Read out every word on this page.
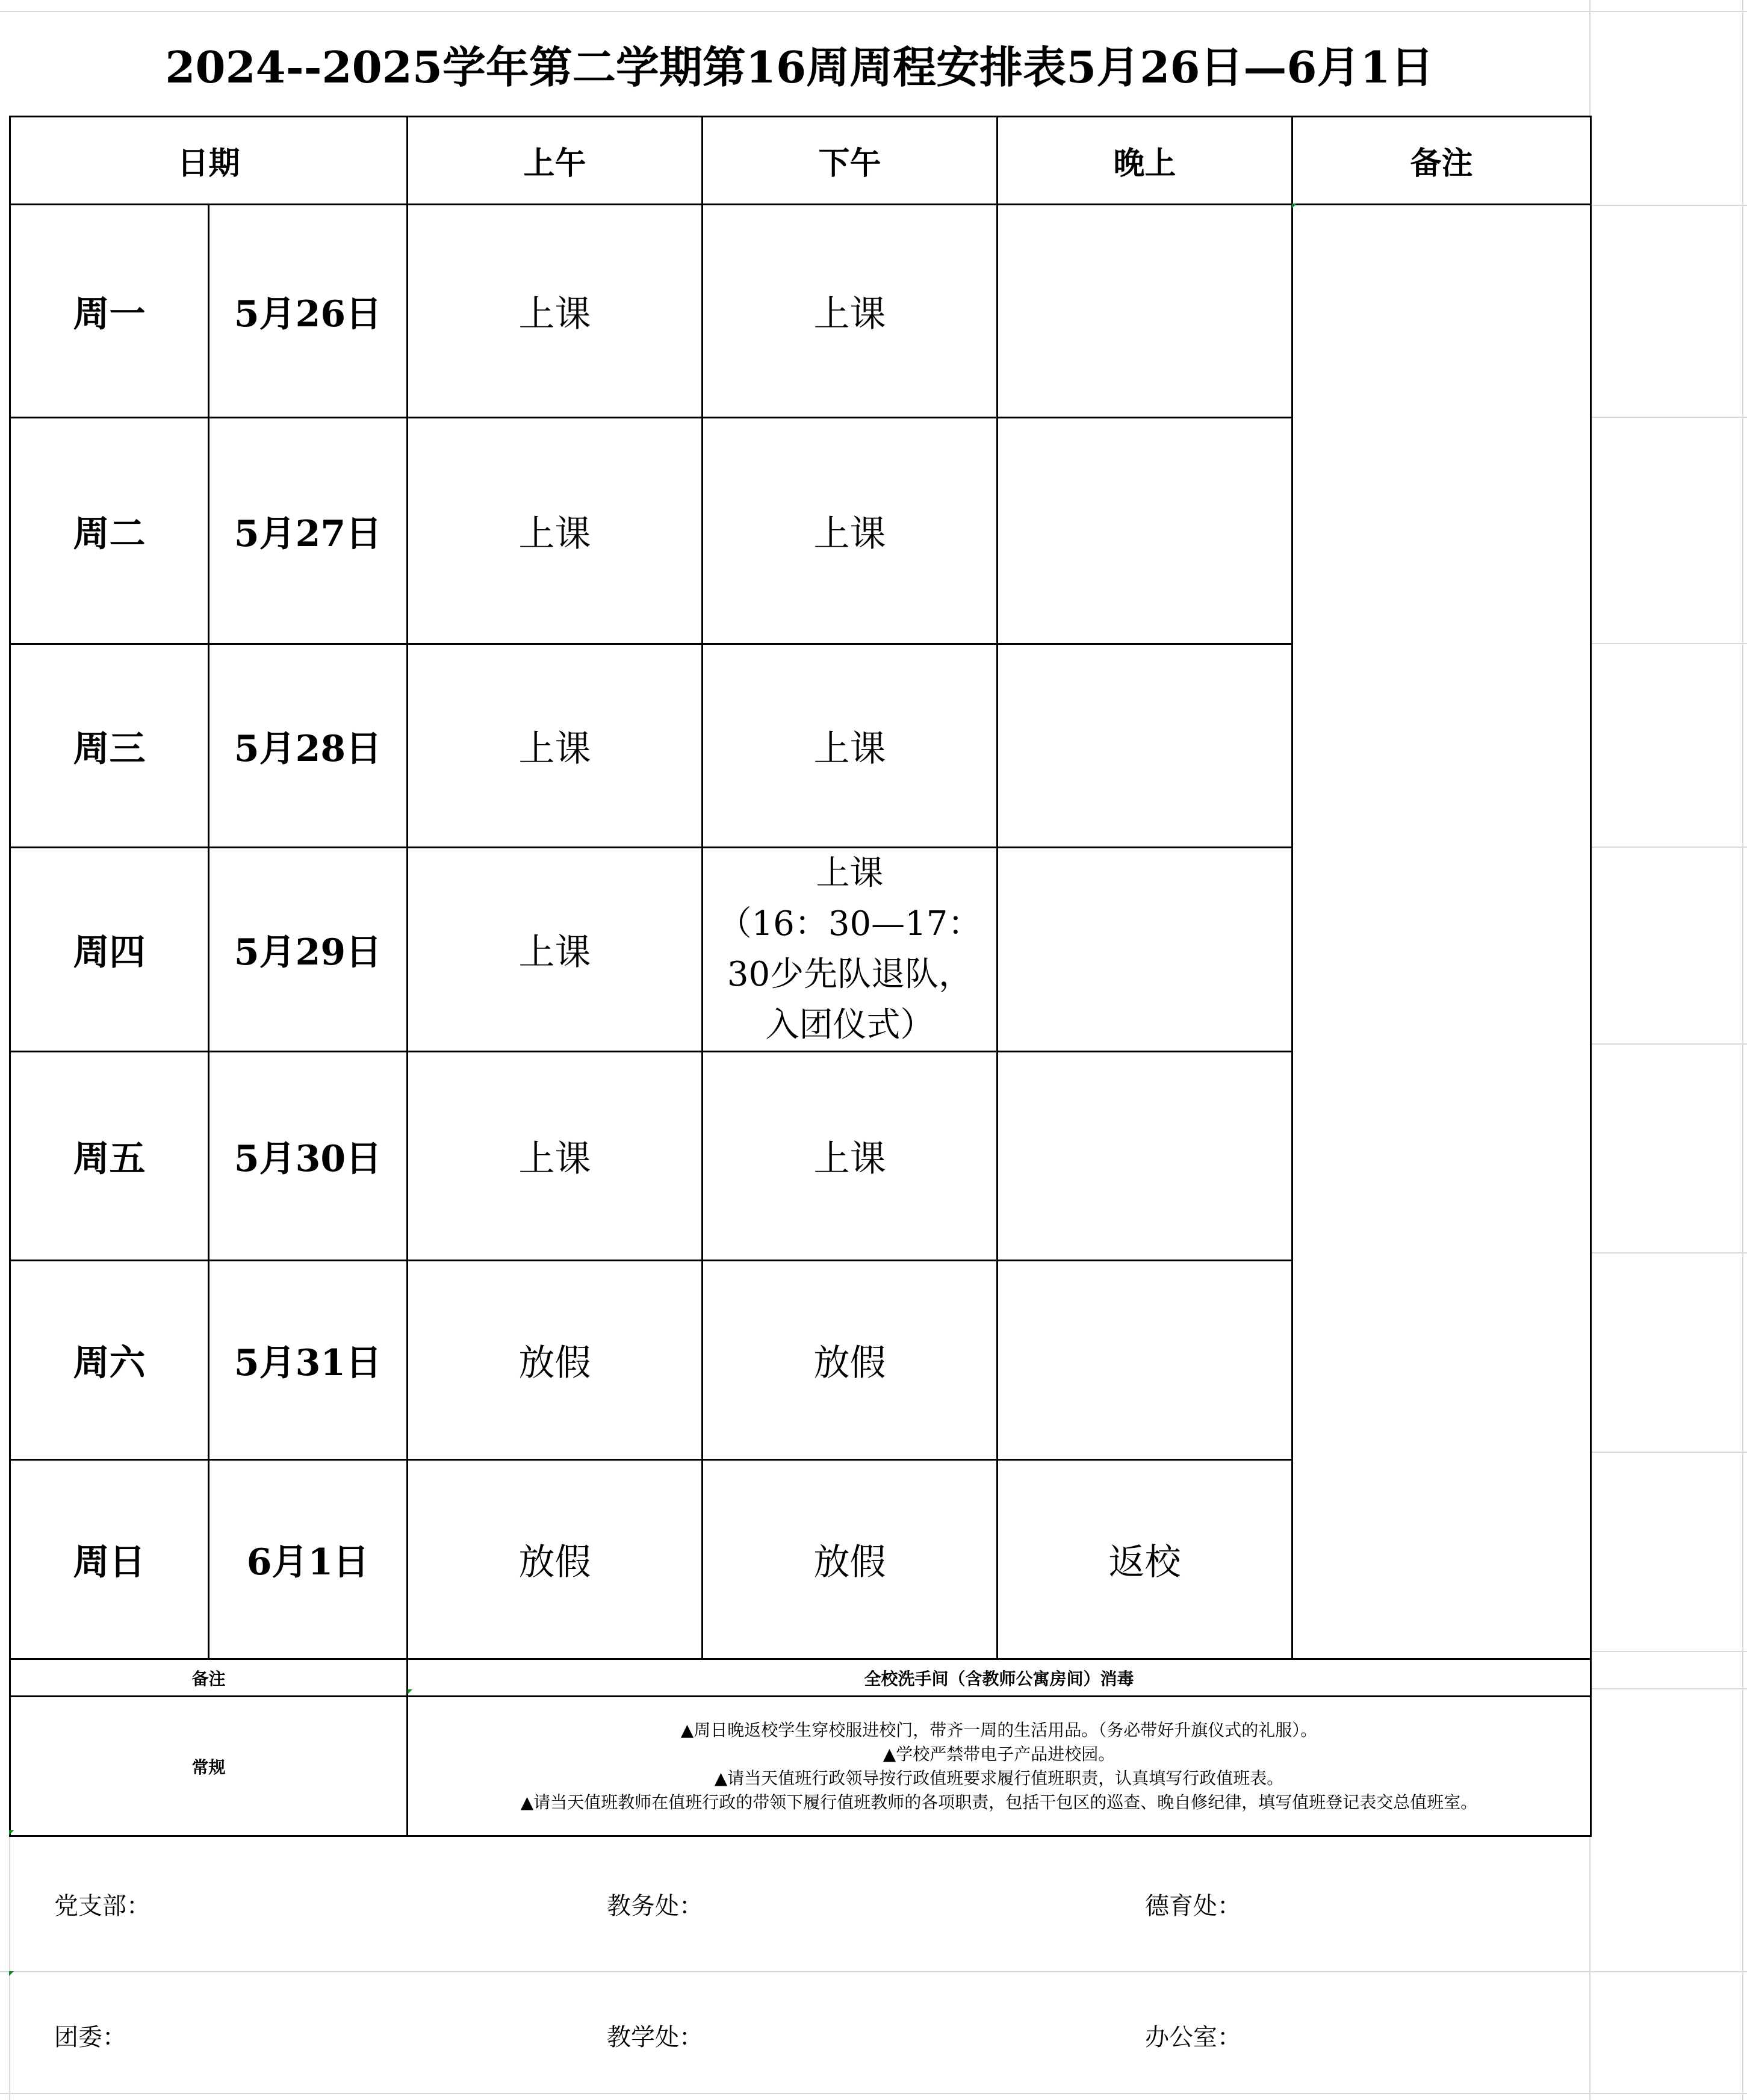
2024--2025学年第二学期第16周周程安排表5月26日—6月1日
日期		上午	下午	晚上	备注
周一	5月26日	上课	上课		
周二	5月27日	上课	上课		
周三	5月28日	上课	上课		
周四	5月29日	上课	上课
（16：30—17：
30少先队退队，
入团仪式）		

周五	5月30日	上课	上课		
周六	5月31日	放假	放假		
周日	6月1日	放假	放假	返校	
备注		全校洗手间（含教师公寓房间）消毒			
常规		▲周日晚返校学生穿校服进校门，带齐一周的生活用品。（务必带好升旗仪式的礼服）。
▲学校严禁带电子产品进校园。
▲请当天值班行政领导按行政值班要求履行值班职责，认真填写行政值班表。
▲请当天值班教师在值班行政的带领下履行值班教师的各项职责，包括干包区的巡查、晚自修纪律，填写值班登记表交总值班室。			
党支部：	教务处：	德育处：
团委：	教学处：	办公室：
